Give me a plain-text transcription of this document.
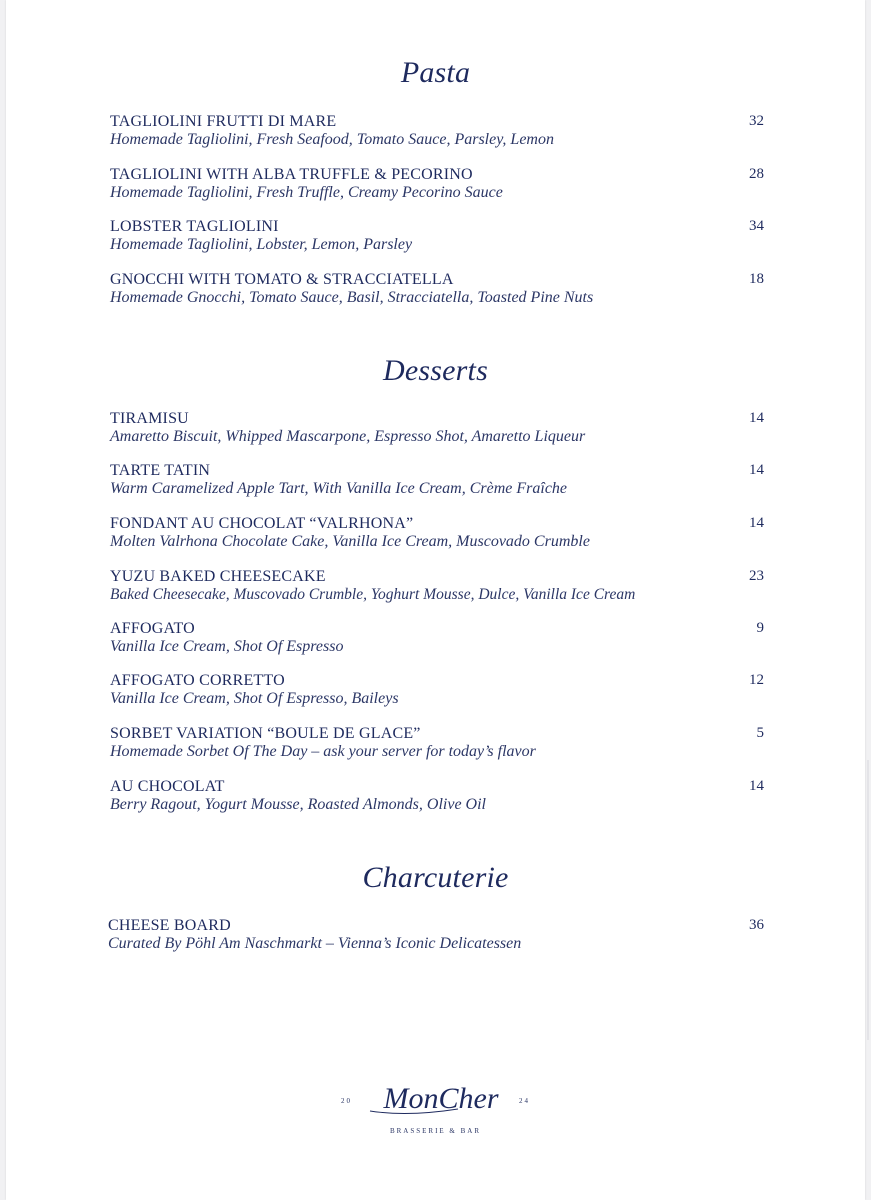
Pasta
TAGLIOLINI FRUTTI DI MARE
Homemade Tagliolini, Fresh Seafood, Tomato Sauce, Parsley, Lemon
32
TAGLIOLINI WITH ALBA TRUFFLE & PECORINO
Homemade Tagliolini, Fresh Truffle, Creamy Pecorino Sauce
28
LOBSTER TAGLIOLINI
Homemade Tagliolini, Lobster, Lemon, Parsley
34
GNOCCHI WITH TOMATO & STRACCIATELLA
Homemade Gnocchi, Tomato Sauce, Basil, Stracciatella, Toasted Pine Nuts
18
Desserts
TIRAMISU
Amaretto Biscuit, Whipped Mascarpone, Espresso Shot, Amaretto Liqueur
14
TARTE TATIN
Warm Caramelized Apple Tart, With Vanilla Ice Cream, Crème Fraîche
14
FONDANT AU CHOCOLAT “VALRHONA”
Molten Valrhona Chocolate Cake, Vanilla Ice Cream, Muscovado Crumble
14
YUZU BAKED CHEESECAKE
Baked Cheesecake, Muscovado Crumble, Yoghurt Mousse, Dulce, Vanilla Ice Cream
23
AFFOGATO
Vanilla Ice Cream, Shot Of Espresso
9
AFFOGATO CORRETTO
Vanilla Ice Cream, Shot Of Espresso, Baileys
12
SORBET VARIATION “BOULE DE GLACE”
Homemade Sorbet Of The Day – ask your server for today’s flavor
5
AU CHOCOLAT
Berry Ragout, Yogurt Mousse, Roasted Almonds, Olive Oil
14
Charcuterie
CHEESE BOARD
Curated By Pöhl Am Naschmarkt – Vienna’s Iconic Delicatessen
36
20 MonCher	24
BRASSERIE & BAR
